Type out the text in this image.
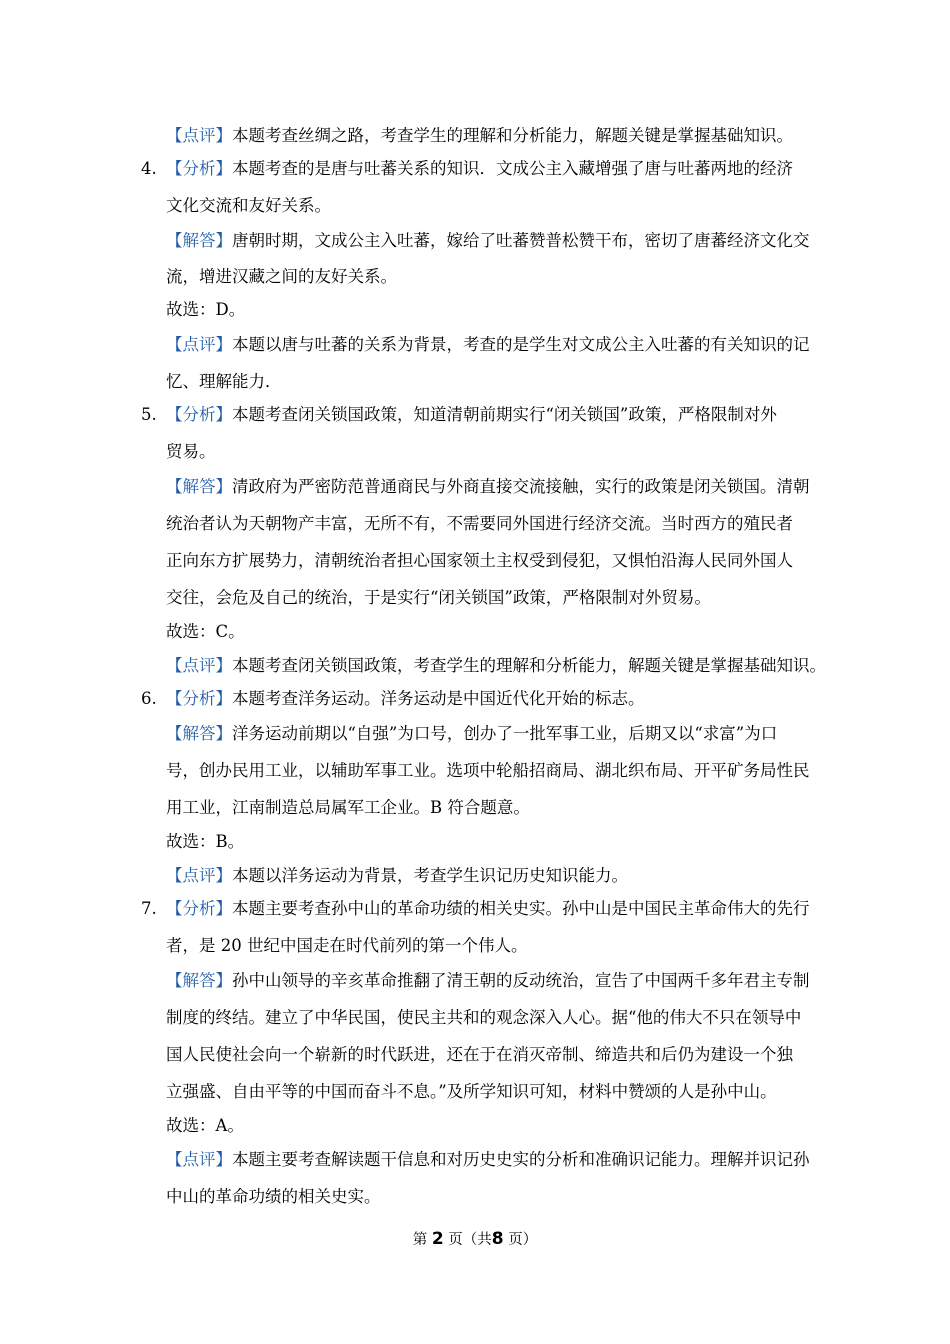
【点评】本题考查丝绸之路，考查学生的理解和分析能力，解题关键是掌握基础知识。
4. 【分析】本题考查的是唐与吐蕃关系的知识．文成公主入藏增强了唐与吐蕃两地的经济
文化交流和友好关系。
【解答】唐朝时期，文成公主入吐蕃，嫁给了吐蕃赞普松赞干布，密切了唐蕃经济文化交
流，增进汉藏之间的友好关系。
故选：D。
【点评】本题以唐与吐蕃的关系为背景，考查的是学生对文成公主入吐蕃的有关知识的记
忆、理解能力．
5. 【分析】本题考查闭关锁国政策，知道清朝前期实行“闭关锁国”政策，严格限制对外
贸易。
【解答】清政府为严密防范普通商民与外商直接交流接触，实行的政策是闭关锁国。清朝
统治者认为天朝物产丰富，无所不有，不需要同外国进行经济交流。当时西方的殖民者
正向东方扩展势力，清朝统治者担心国家领土主权受到侵犯，又惧怕沿海人民同外国人
交往，会危及自己的统治，于是实行“闭关锁国”政策，严格限制对外贸易。
故选：C。
【点评】本题考查闭关锁国政策，考查学生的理解和分析能力，解题关键是掌握基础知识。
6. 【分析】本题考查洋务运动。洋务运动是中国近代化开始的标志。
【解答】洋务运动前期以“自强”为口号，创办了一批军事工业，后期又以“求富”为口
号，创办民用工业，以辅助军事工业。选项中轮船招商局、湖北织布局、开平矿务局性民
用工业，江南制造总局属军工企业。B 符合题意。
故选：B。
【点评】本题以洋务运动为背景，考查学生识记历史知识能力。
7. 【分析】本题主要考查孙中山的革命功绩的相关史实。孙中山是中国民主革命伟大的先行
者，是 20 世纪中国走在时代前列的第一个伟人。
【解答】孙中山领导的辛亥革命推翻了清王朝的反动统治，宣告了中国两千多年君主专制
制度的终结。建立了中华民国，使民主共和的观念深入人心。据“他的伟大不只在领导中
国人民使社会向一个崭新的时代跃进，还在于在消灭帝制、缔造共和后仍为建设一个独
立强盛、自由平等的中国而奋斗不息。”及所学知识可知，材料中赞颂的人是孙中山。
故选：A。
【点评】本题主要考查解读题干信息和对历史史实的分析和准确识记能力。理解并识记孙
中山的革命功绩的相关史实。
第 2 页（共8 页）
